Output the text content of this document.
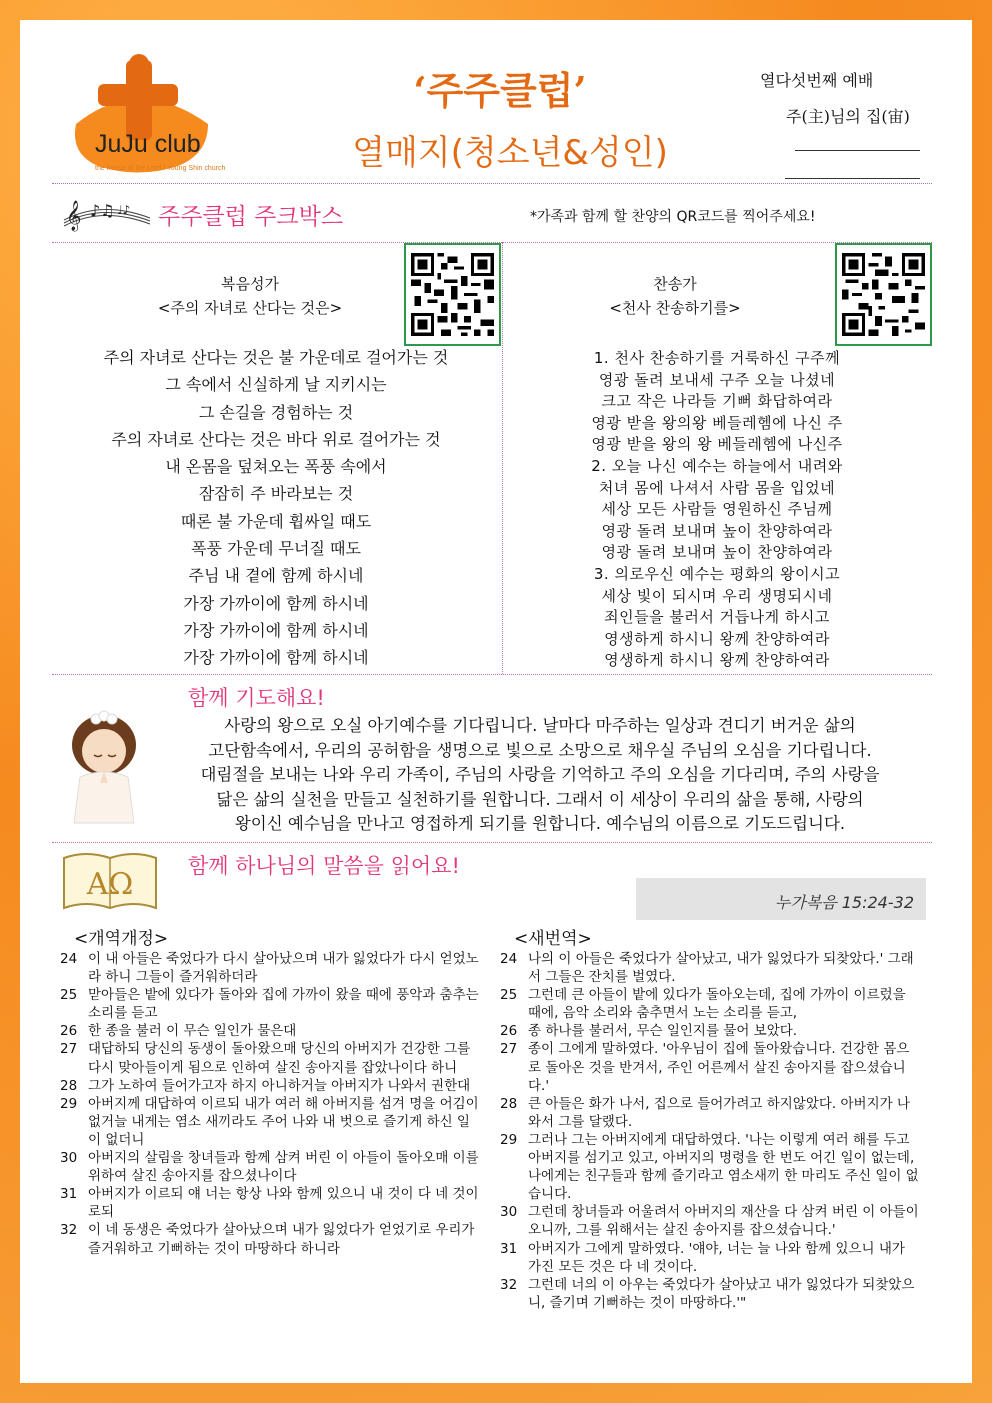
JuJu club
the house of the Lord / Young Shin church
‘주주클럽’
열매지(청소년&성인)
열다섯번째 예배
주(主)님의 집(宙)
𝄞 ♪♫ ♩♪ 주주클럽 주크박스	*가족과 함께 할 찬양의 QR코드를 찍어주세요!
복음성가
<주의 자녀로 산다는 것은>
주의 자녀로 산다는 것은 불 가운데로 걸어가는 것
그 속에서 신실하게 날 지키시는
그 손길을 경험하는 것
주의 자녀로 산다는 것은 바다 위로 걸어가는 것
내 온몸을 덮쳐오는 폭풍 속에서
잠잠히 주 바라보는 것
때론 불 가운데 휩싸일 때도
폭풍 가운데 무너질 때도
주님 내 곁에 함께 하시네
가장 가까이에 함께 하시네
가장 가까이에 함께 하시네
가장 가까이에 함께 하시네
찬송가
<천사 찬송하기를>
1. 천사 찬송하기를 거룩하신 구주께
영광 돌려 보내세 구주 오늘 나셨네
크고 작은 나라들 기뻐 화답하여라
영광 받을 왕의왕 베들레헴에 나신 주
영광 받을 왕의 왕 베들레헴에 나신주
2. 오늘 나신 예수는 하늘에서 내려와
처녀 몸에 나셔서 사람 몸을 입었네
세상 모든 사람들 영원하신 주님께
영광 돌려 보내며 높이 찬양하여라
영광 돌려 보내며 높이 찬양하여라
3. 의로우신 예수는 평화의 왕이시고
세상 빛이 되시며 우리 생명되시네
죄인들을 불러서 거듭나게 하시고
영생하게 하시니 왕께 찬양하여라
영생하게 하시니 왕께 찬양하여라
함께 기도해요!
사랑의 왕으로 오실 아기예수를 기다립니다. 날마다 마주하는 일상과 견디기 버거운 삶의
고단함속에서, 우리의 공허함을 생명으로 빛으로 소망으로 채우실 주님의 오심을 기다립니다.
대림절을 보내는 나와 우리 가족이, 주님의 사랑을 기억하고 주의 오심을 기다리며, 주의 사랑을
닮은 삶의 실천을 만들고 실천하기를 원합니다. 그래서 이 세상이 우리의 삶을 통해, 사랑의
왕이신 예수님을 만나고 영접하게 되기를 원합니다. 예수님의 이름으로 기도드립니다.
AΩ
함께 하나님의 말씀을 읽어요!
누가복음 15:24-32
<개역개정>	<새번역>
24 이 내 아들은 죽었다가 다시 살아났으며 내가 잃었다가 다시 얻었노라 하니 그들이 즐거워하더라
25 맏아들은 밭에 있다가 돌아와 집에 가까이 왔을 때에 풍악과 춤추는 소리를 듣고
26 한 종을 불러 이 무슨 일인가 물은대
27 대답하되 당신의 동생이 돌아왔으매 당신의 아버지가 건강한 그를 다시 맞아들이게 됨으로 인하여 살진 송아지를 잡았나이다 하니
28 그가 노하여 들어가고자 하지 아니하거늘 아버지가 나와서 권한대
29 아버지께 대답하여 이르되 내가 여러 해 아버지를 섬겨 명을 어김이 없거늘 내게는 염소 새끼라도 주어 나와 내 벗으로 즐기게 하신 일이 없더니
30 아버지의 살림을 창녀들과 함께 삼켜 버린 이 아들이 돌아오매 이를 위하여 살진 송아지를 잡으셨나이다
31 아버지가 이르되 얘 너는 항상 나와 함께 있으니 내 것이 다 네 것이로되
32 이 네 동생은 죽었다가 살아났으며 내가 잃었다가 얻었기로 우리가 즐거워하고 기뻐하는 것이 마땅하다 하니라
24 나의 이 아들은 죽었다가 살아났고, 내가 잃었다가 되찾았다.' 그래서 그들은 잔치를 벌였다.
25 그런데 큰 아들이 밭에 있다가 돌아오는데, 집에 가까이 이르렀을 때에, 음악 소리와 춤추면서 노는 소리를 듣고,
26 종 하나를 불러서, 무슨 일인지를 물어 보았다.
27 종이 그에게 말하였다. '아우님이 집에 돌아왔습니다. 건강한 몸으로 돌아온 것을 반겨서, 주인 어른께서 살진 송아지를 잡으셨습니다.'
28 큰 아들은 화가 나서, 집으로 들어가려고 하지않았다. 아버지가 나와서 그를 달랬다.
29 그러나 그는 아버지에게 대답하였다. '나는 이렇게 여러 해를 두고 아버지를 섬기고 있고, 아버지의 명령을 한 번도 어긴 일이 없는데, 나에게는 친구들과 함께 즐기라고 염소새끼 한 마리도 주신 일이 없습니다.
30 그런데 창녀들과 어울려서 아버지의 재산을 다 삼켜 버린 이 아들이 오니까, 그를 위해서는 살진 송아지를 잡으셨습니다.'
31 아버지가 그에게 말하였다. '얘야, 너는 늘 나와 함께 있으니 내가 가진 모든 것은 다 네 것이다.
32 그런데 너의 이 아우는 죽었다가 살아났고 내가 잃었다가 되찾았으니, 즐기며 기뻐하는 것이 마땅하다.'"
